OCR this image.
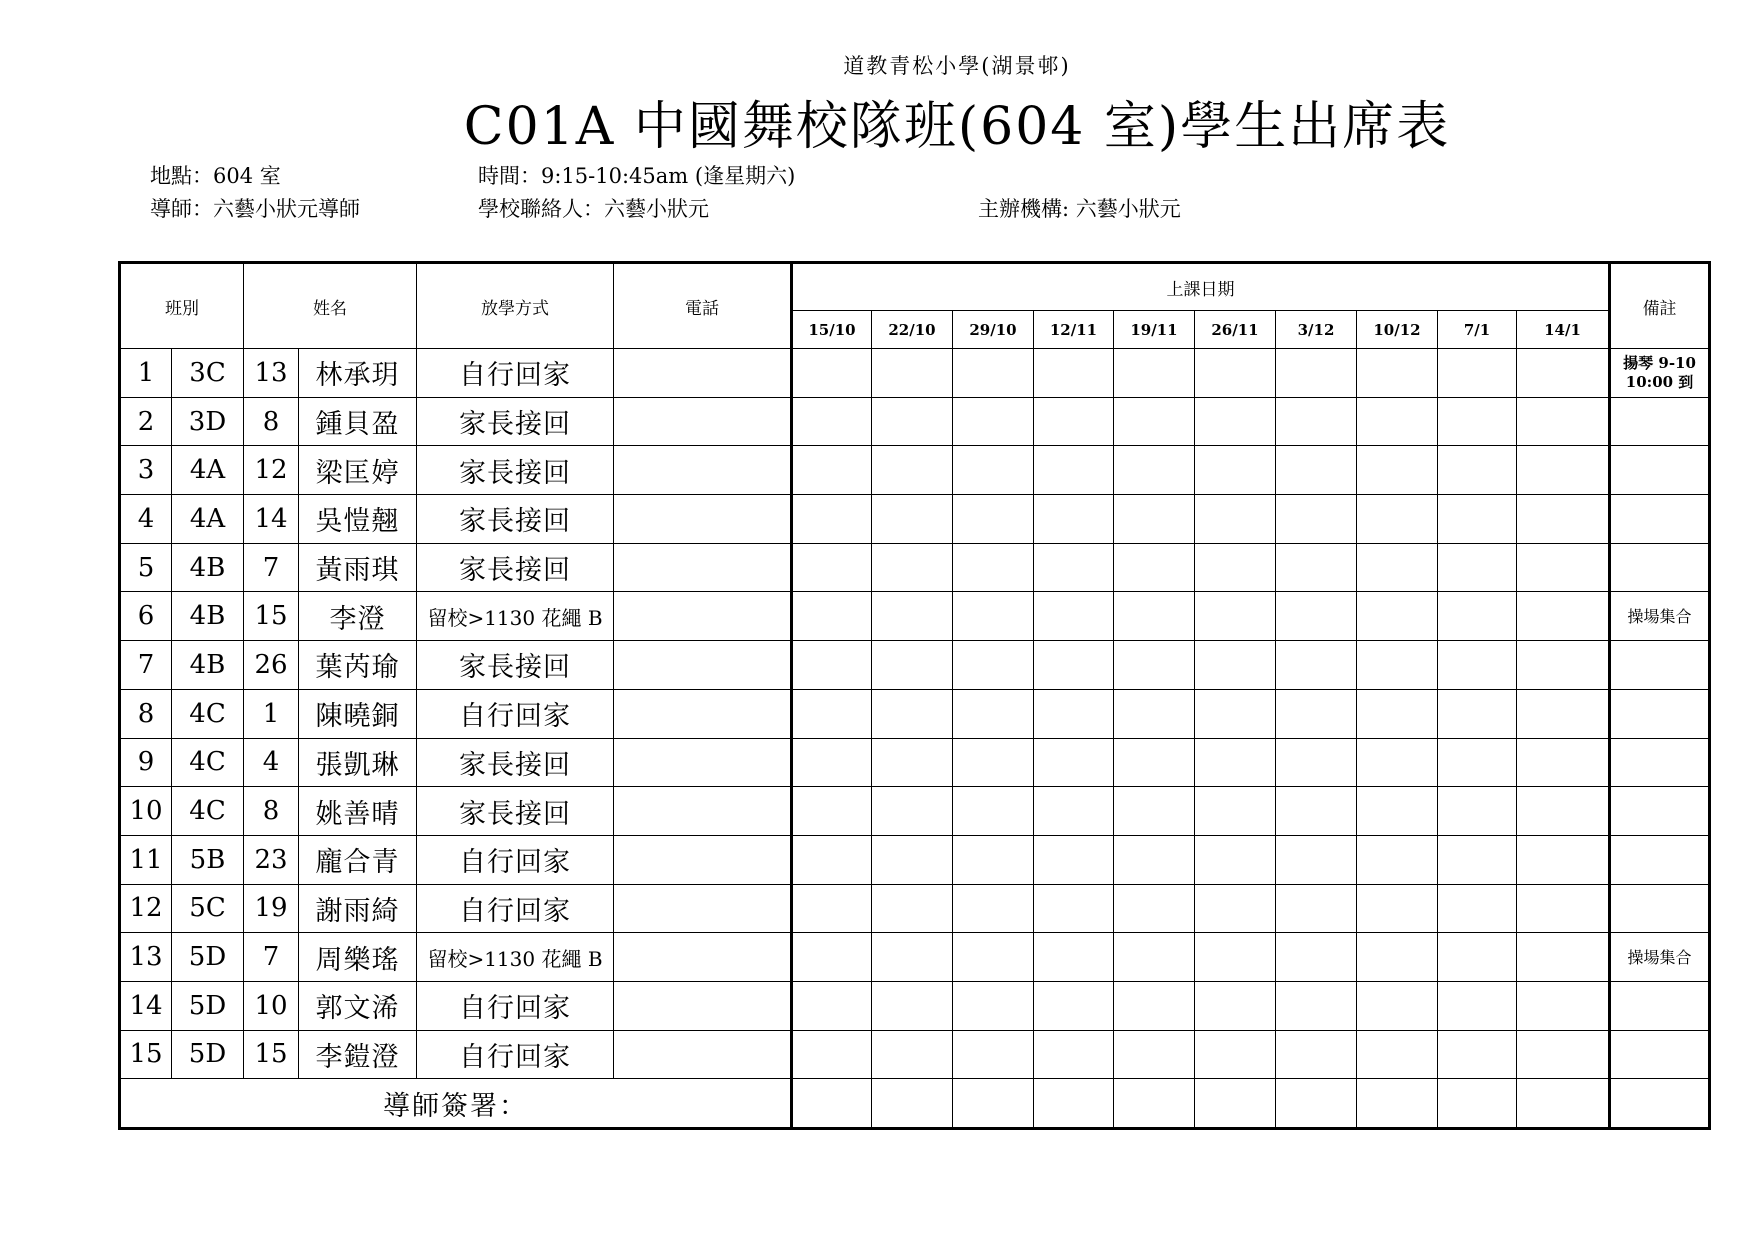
道教青松小學(湖景邨)
C01A 中國舞校隊班(604 室)學生出席表
地點：604 室	時間：9:15-10:45am (逢星期六)
導師：六藝小狀元導師	學校聯絡人：六藝小狀元	主辦機構: 六藝小狀元
班別		姓名		放學方式	電話	上課日期										備註
						15/10	22/10	29/10	12/11	19/11	26/11	3/12	10/12	7/1	14/1	
1	3C	13	林承玥	自行回家												揚琴 9-10 10:00 到
2	3D	8	鍾貝盈	家長接回												
3	4A	12	梁匡婷	家長接回												
4	4A	14	吳愷翹	家長接回												
5	4B	7	黃雨琪	家長接回												
6	4B	15	李澄	留校>1130 花繩 B												操場集合
7	4B	26	葉芮瑜	家長接回												
8	4C	1	陳曉銅	自行回家												
9	4C	4	張凱琳	家長接回												
10	4C	8	姚善晴	家長接回												
11	5B	23	龐合青	自行回家												
12	5C	19	謝雨綺	自行回家												
13	5D	7	周樂瑤	留校>1130 花繩 B												操場集合
14	5D	10	郭文浠	自行回家												
15	5D	15	李鎧澄	自行回家												
導師簽署：																
